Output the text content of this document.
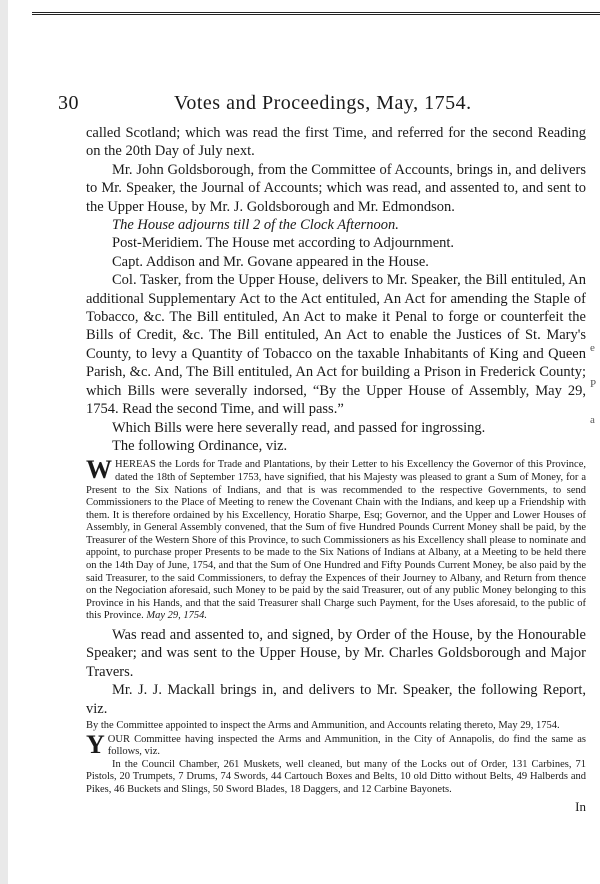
30	Votes and Proceedings, May, 1754.

called Scotland; which was read the first Time, and referred for the second Reading on the 20th Day of July next.

Mr. John Goldsborough, from the Committee of Accounts, brings in, and delivers to Mr. Speaker, the Journal of Accounts; which was read, and assented to, and sent to the Upper House, by Mr. J. Goldsborough and Mr. Edmondson.

The House adjourns till 2 of the Clock Afternoon.

Post-Meridiem. The House met according to Adjournment.

Capt. Addison and Mr. Govane appeared in the House.

Col. Tasker, from the Upper House, delivers to Mr. Speaker, the Bill entituled, An additional Supplementary Act to the Act entituled, An Act for amending the Staple of Tobacco, &c. The Bill entituled, An Act to make it Penal to forge or counterfeit the Bills of Credit, &c. The Bill entituled, An Act to enable the Justices of St. Mary's County, to levy a Quantity of Tobacco on the taxable Inhabitants of King and Queen Parish, &c. And, The Bill entituled, An Act for building a Prison in Frederick County; which Bills were severally indorsed, “By the Upper House of Assembly, May 29, 1754. Read the second Time, and will pass.”

Which Bills were here severally read, and passed for ingrossing.

The following Ordinance, viz.

WHEREAS the Lords for Trade and Plantations, by their Letter to his Excellency the Governor of this Province, dated the 18th of September 1753, have signified, that his Majesty was pleased to grant a Sum of Money, for a Present to the Six Nations of Indians, and that is was recommended to the respective Governments, to send Commissioners to the Place of Meeting to renew the Covenant Chain with the Indians, and keep up a Friendship with them. It is therefore ordained by his Excellency, Horatio Sharpe, Esq; Governor, and the Upper and Lower Houses of Assembly, in General Assembly convened, that the Sum of five Hundred Pounds Current Money shall be paid, by the Treasurer of the Western Shore of this Province, to such Commissioners as his Excellency shall please to nominate and appoint, to purchase proper Presents to be made to the Six Nations of Indians at Albany, at a Meeting to be held there on the 14th Day of June, 1754, and that the Sum of One Hundred and Fifty Pounds Current Money, be also paid by the said Treasurer, to the said Commissioners, to defray the Expences of their Journey to Albany, and Return from thence on the Negociation aforesaid, such Money to be paid by the said Treasurer, out of any public Money belonging to this Province in his Hands, and that the said Treasurer shall Charge such Payment, for the Uses aforesaid, to the public of this Province. May 29, 1754.

Was read and assented to, and signed, by Order of the House, by the Honourable Speaker; and was sent to the Upper House, by Mr. Charles Goldsborough and Major Travers.

Mr. J. J. Mackall brings in, and delivers to Mr. Speaker, the following Report, viz.

By the Committee appointed to inspect the Arms and Ammunition, and Accounts relating thereto, May 29, 1754.

YOUR Committee having inspected the Arms and Ammunition, in the City of Annapolis, do find the same as follows, viz.

In the Council Chamber, 261 Muskets, well cleaned, but many of the Locks out of Order, 131 Carbines, 71 Pistols, 20 Trumpets, 7 Drums, 74 Swords, 44 Cartouch Boxes and Belts, 10 old Ditto without Belts, 49 Halberds and Pikes, 46 Buckets and Slings, 50 Sword Blades, 18 Daggers, and 12 Carbine Bayonets.

In

e
P
a
